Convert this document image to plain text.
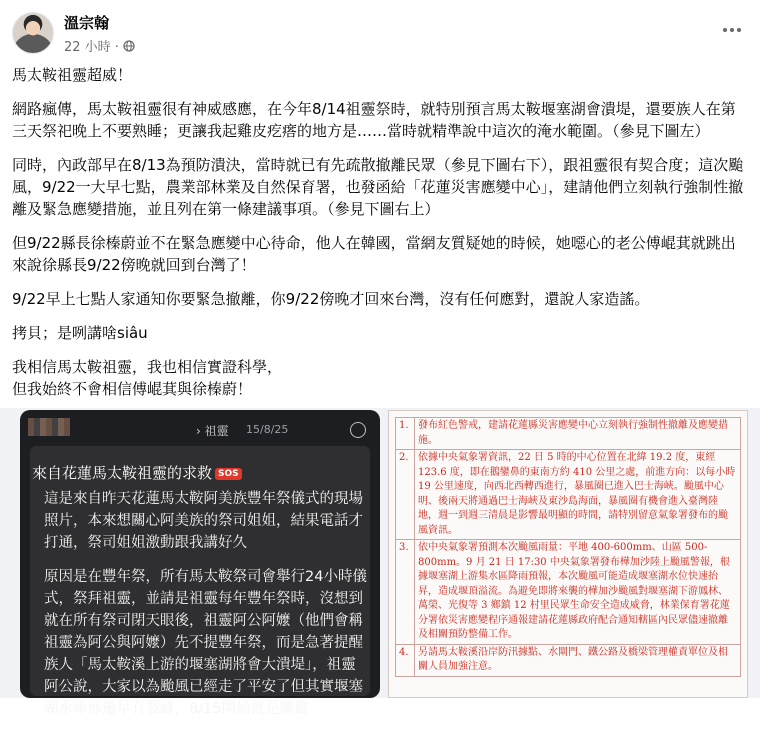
溫宗翰
22 小時 ·

馬太鞍祖靈超威！

網路瘋傳，馬太鞍祖靈很有神威感應，在今年8/14祖靈祭時，就特別預言馬太鞍堰塞湖會潰堤，還要族人在第三天祭祀晚上不要熟睡；更讓我起雞皮疙瘩的地方是……當時就精準說中這次的淹水範圍。（參見下圖左）

同時，內政部早在8/13為預防潰決，當時就已有先疏散撤離民眾（參見下圖右下），跟祖靈很有契合度；這次颱風，9/22一大早七點，農業部林業及自然保育署，也發函給「花蓮災害應變中心」，建請他們立刻執行強制性撤離及緊急應變措施，並且列在第一條建議事項。（參見下圖右上）

但9/22縣長徐榛蔚並不在緊急應變中心待命，他人在韓國，當網友質疑她的時候，她噁心的老公傅崐萁就跳出來說徐縣長9/22傍晚就回到台灣了！

9/22早上七點人家通知你要緊急撤離，你9/22傍晚才回來台灣，沒有任何應對，還說人家造謠。

拷貝；是咧講啥siâu

我相信馬太鞍祖靈，我也相信實證科學，

但我始終不會相信傅崐萁與徐榛蔚！

› 祖靈 15/8/25
來自花蓮馬太鞍祖靈的求救 SOS

這是來自昨天花蓮馬太鞍阿美族豐年祭儀式的現場照片，本來想關心阿美族的祭司姐姐，結果電話才打通，祭司姐姐激動跟我講好久

原因是在豐年祭，所有馬太鞍祭司會舉行24小時儀式，祭拜祖靈，並請是祖靈每年豐年祭時，沒想到就在所有祭司閉天眼後，祖靈阿公阿嬤（他們會稱祖靈為阿公與阿嬤）先不提豐年祭，而是急著提醒族人「馬太鞍溪上游的堰塞湖將會大潰堤」，祖靈阿公說，大家以為颱風已經走了平安了但其實堰塞湖水庫那邊早有裂縫，8/15開始就是關鍵

1.	發布紅色警戒，建請花蓮縣災害應變中心立刻執行強制性撤離及應變措施。
2.	依據中央氣象署資訊，22 日 5 時的中心位置在北緯 19.2 度，東經 123.6 度，即在鵝鑾鼻的東南方約 410 公里之處，前進方向：以每小時 19 公里速度，向西北西轉西進行，暴風圈已進入巴士海峽。颱風中心明、後兩天將通過巴士海峽及東沙島海面，暴風圈有機會進入臺灣陸地，週一到週三清晨是影響最明顯的時間，請特別留意氣象署發布的颱風資訊。
3.	依中央氣象署預測本次颱風雨量：平地 400-600mm、山區 500-800mm。9 月 21 日 17:30 中央氣象署發布樺加沙陸上颱風警報，根據堰塞湖上游集水區降雨預報，本次颱風可能造成堰塞湖水位快速抬昇，造成堰頂溢流。為避免即將來襲的樺加沙颱風對堰塞湖下游鳳林、萬榮、光復等 3 鄉鎮 12 村里民眾生命安全造成威脅，林業保育署花蓮分署依災害應變程序通報建請花蓮縣政府配合通知轄區內民眾儘速撤離及相關預防整備工作。
4.	另請馬太鞍溪沿岸防汛據點、水閘門、鐵公路及橋梁管理權責單位及相關人員加強注意。
